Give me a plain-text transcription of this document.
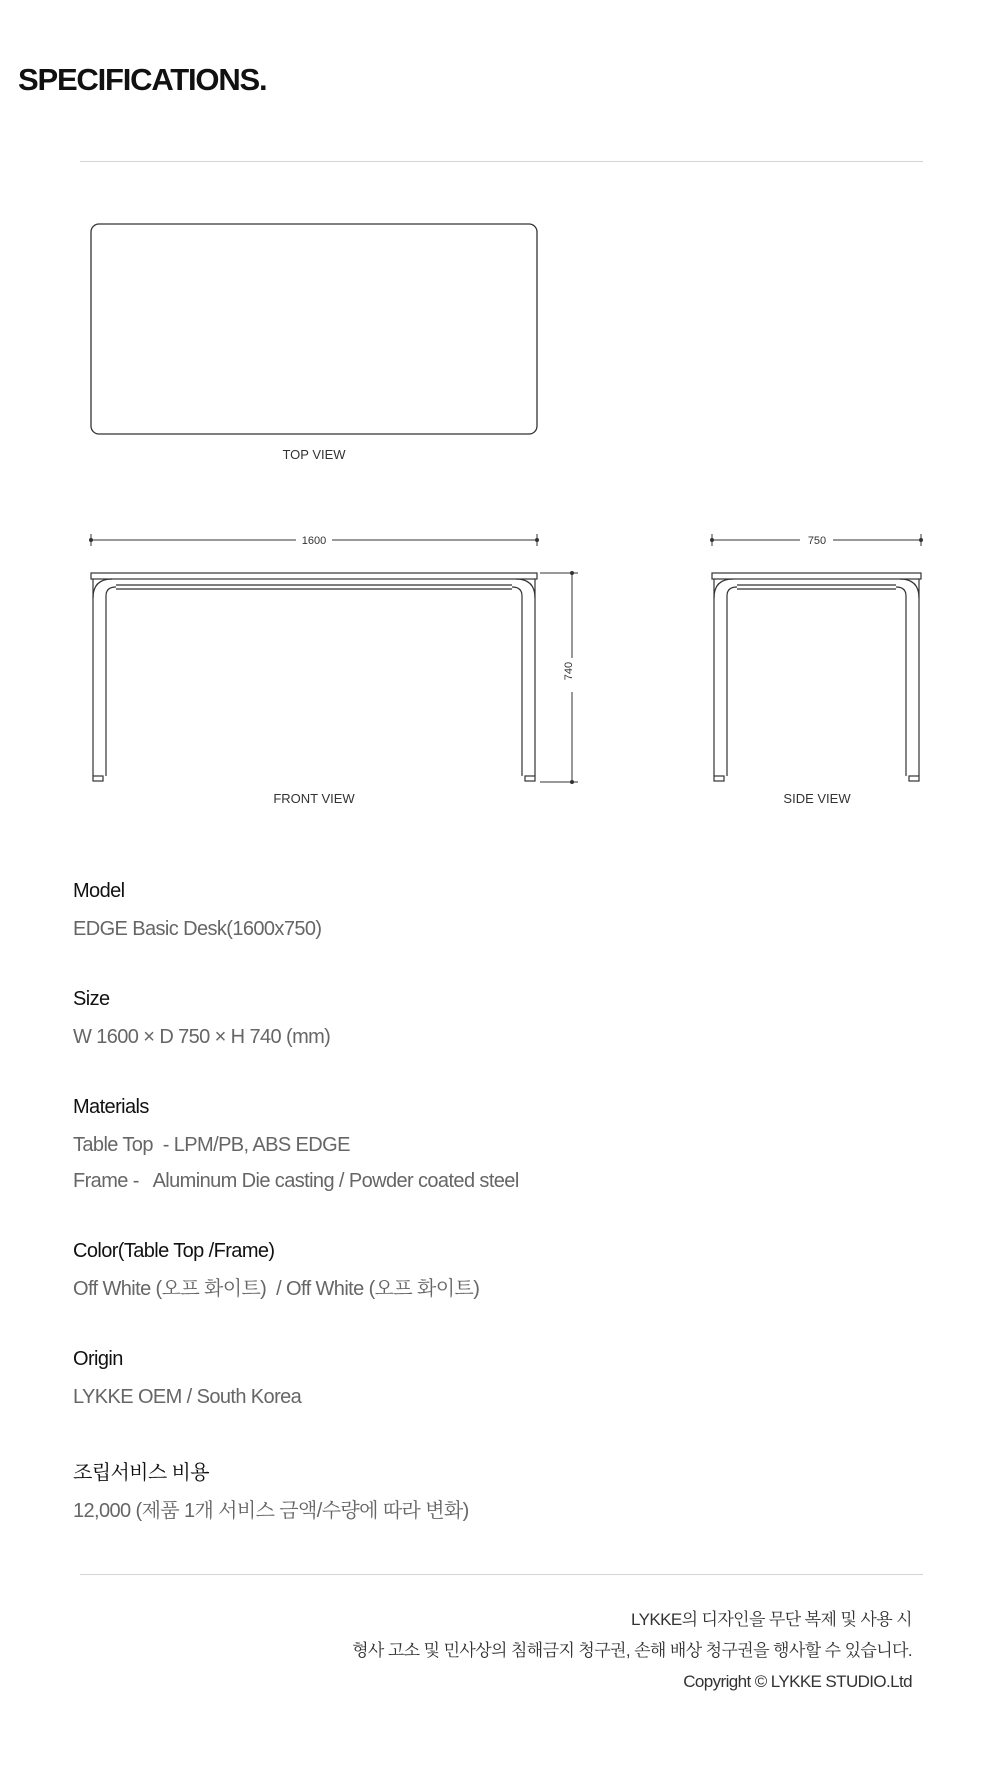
SPECIFICATIONS.
TOP VIEW
1600
740
FRONT VIEW
750
SIDE VIEW
Model

EDGE Basic Desk(1600x750)

Size

W 1600 × D 750 × H 740 (mm)

Materials

Table Top  - LPM/PB, ABS EDGE

Frame -   Aluminum Die casting / Powder coated steel

Color(Table Top /Frame)

Off White (오프 화이트)  / Off White (오프 화이트)

Origin

LYKKE OEM / South Korea

조립서비스 비용

12,000 (제품 1개 서비스 금액/수량에 따라 변화)

LYKKE의 디자인을 무단 복제 및 사용 시
형사 고소 및 민사상의 침해금지 청구권, 손해 배상 청구권을 행사할 수 있습니다.
Copyright © LYKKE STUDIO.Ltd
